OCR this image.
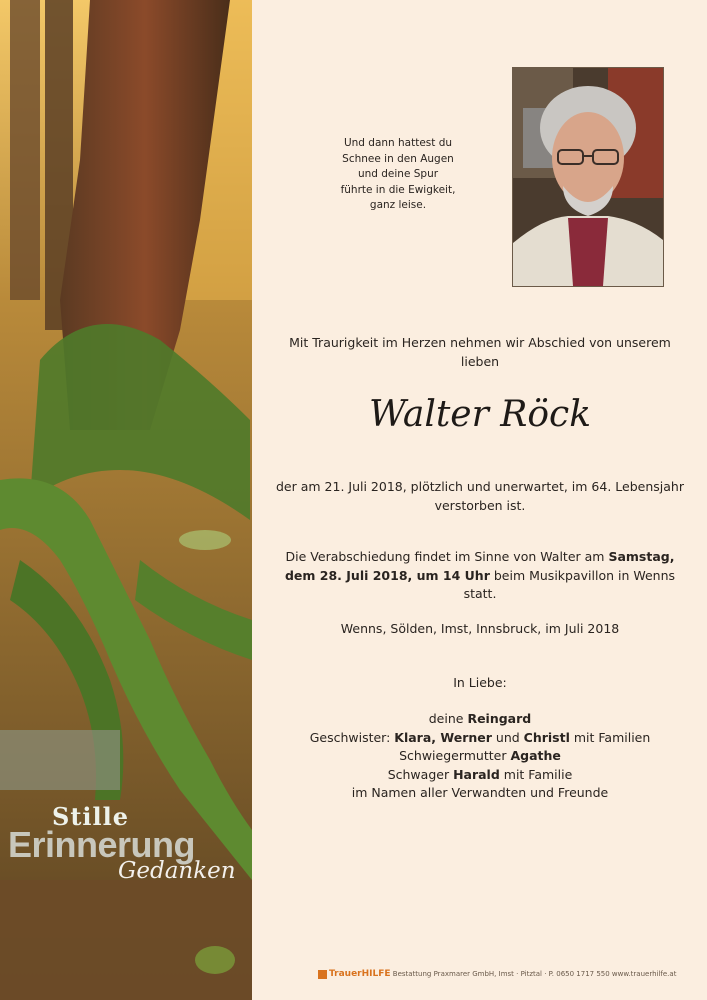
Stille
Erinnerung
Gedanken
Und dann hattest du
Schnee in den Augen
und deine Spur
führte in die Ewigkeit,
ganz leise.
Mit Traurigkeit im Herzen nehmen wir Abschied von unserem lieben
Walter Röck
der am 21. Juli 2018, plötzlich und unerwartet, im 64. Lebensjahr verstorben ist.
Die Verabschiedung findet im Sinne von Walter am Samstag, dem 28. Juli 2018, um 14 Uhr beim Musikpavillon in Wenns statt.
Wenns, Sölden, Imst, Innsbruck, im Juli 2018
In Liebe:
deine Reingard
Geschwister: Klara, Werner und Christl mit Familien
Schwiegermutter Agathe
Schwager Harald mit Familie
im Namen aller Verwandten und Freunde
TrauerHILFE Bestattung Praxmarer GmbH, Imst · Pitztal · P. 0650 1717 550 www.trauerhilfe.at
